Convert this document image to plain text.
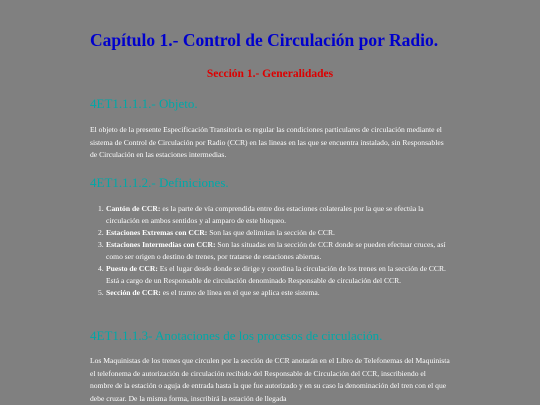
Capítulo 1.- Control de Circulación por Radio.
Sección 1.- Generalidades
4ET1.1.1.1.- Objeto.

El objeto de la presente Especificación Transitoria es regular las condiciones particulares de circulación mediante el sistema de Control de Circulación por Radio (CCR) en las lineas en las que se encuentra instalado, sin Responsables de Circulación en las estaciones intermedias.

4ET1.1.1.2.- Definiciones.
1. Cantón de CCR: es la parte de vía comprendida entre dos estaciones colaterales por la que se efectúa la circulación en ambos sentidos y al amparo de este bloqueo.
2. Estaciones Extremas con CCR: Son las que delimitan la sección de CCR.
3. Estaciones Intermedias con CCR: Son las situadas en la sección de CCR donde se pueden efectuar cruces, así como ser origen o destino de trenes, por tratarse de estaciones abiertas.
4. Puesto de CCR: Es el lugar desde donde se dirige y coordina la circulación de los trenes en la sección de CCR. Está a cargo de un Responsable de circulación denominado Responsable de circulación del CCR.
5. Sección de CCR: es el tramo de línea en el que se aplica este sistema.
4ET1.1.1.3- Anotaciones de los procesos de circulación.

Los Maquinistas de los trenes que circulen por la sección de CCR anotarán en el Libro de Telefonemas del Maquinista el telefonema de autorización de circulación recibido del Responsable de Circulación del CCR, inscribiendo el nombre de la estación o aguja de entrada hasta la que fue autorizado y en su caso la denominación del tren con el que debe cruzar. De la misma forma, inscribirá la estación de llegada
